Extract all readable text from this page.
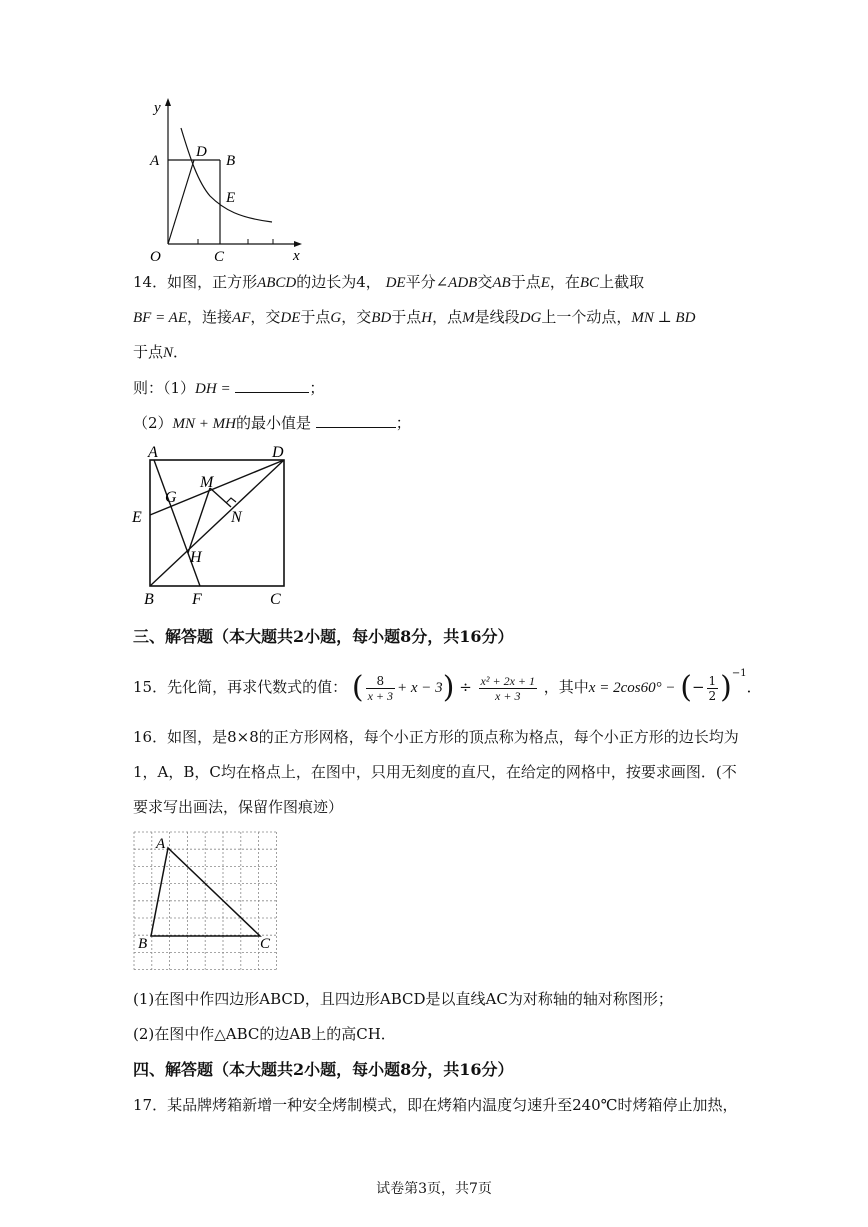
y
x
O
A
D
B
E
C
14．如图，正方形ABCD的边长为4， DE平分∠ADB交AB于点E，在BC上截取
BF = AE，连接AF，交DE于点G，交BD于点H，点M是线段DG上一个动点，MN ⊥ BD
于点N．
则：（1）DH =	；
（2）MN + MH的最小值是	；
A	D
G
M
E	N
H
B F	C
三、解答题（本大题共2小题，每小题8分，共16分）
15．先化简，再求代数式的值： ( $\frac{8}{x + 3} + x - 3) \div \frac{\text{x² + 2x + 1}}{x + 3}$ ，其中x = 2cos60° − (− $\frac{1}{2} )^{-1}$．
16．如图，是8×8的正方形网格，每个小正方形的顶点称为格点，每个小正方形的边长均为
1，A，B，C均在格点上，在图中，只用无刻度的直尺，在给定的网格中，按要求画图．(不
要求写出画法，保留作图痕迹）
A
B	C
(1)在图中作四边形ABCD，且四边形ABCD是以直线AC为对称轴的轴对称图形；
(2)在图中作△ABC的边AB上的高CH．
四、解答题（本大题共2小题，每小题8分，共16分）
17．某品牌烤箱新增一种安全烤制模式，即在烤箱内温度匀速升至240℃时烤箱停止加热，
试卷第3页，共7页
